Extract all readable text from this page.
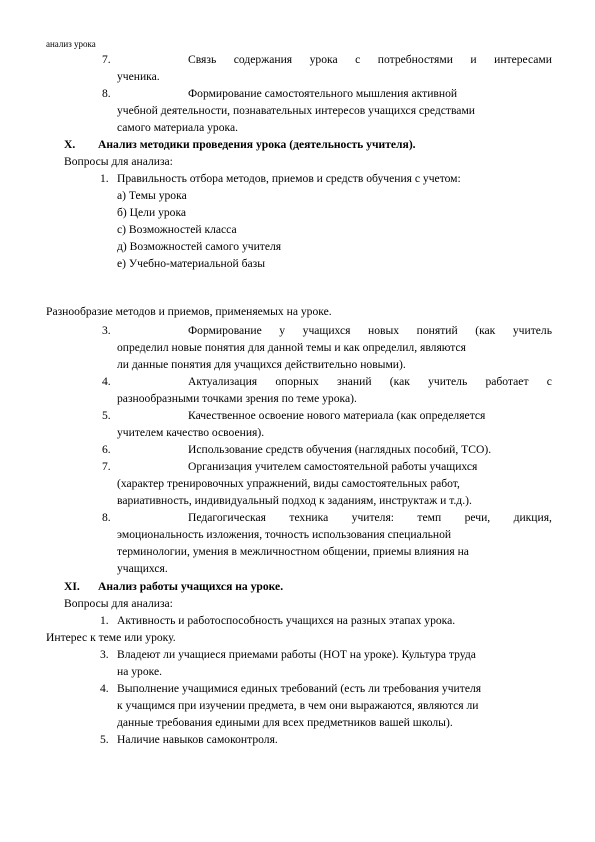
анализ урока
7.	Связь содержания урока с потребностями и интересами
ученика.
8.	Формирование самостоятельного мышления активной
учебной деятельности, познавательных интересов учащихся средствами
самого материала урока.
X. Анализ методики проведения урока (деятельность учителя).
Вопросы для анализа:
1. Правильность отбора методов, приемов и средств обучения с учетом:
а) Темы урока
б) Цели урока
с) Возможностей класса
д) Возможностей самого учителя
е) Учебно-материальной базы
Разнообразие методов и приемов, применяемых на уроке.
3.	Формирование у учащихся новых понятий (как учитель
определил новые понятия для данной темы и как определил, являются
ли данные понятия для учащихся действительно новыми).
4.	Актуализация опорных знаний (как учитель работает с
разнообразными точками зрения по теме урока).
5.	Качественное освоение нового материала (как определяется
учителем качество освоения).
6.	Использование средств обучения (наглядных пособий, ТСО).
7.	Организация учителем самостоятельной работы учащихся
(характер тренировочных упражнений, виды самостоятельных работ,
вариативность, индивидуальный подход к заданиям, инструктаж и т.д.).
8.	Педагогическая техника учителя: темп речи, дикция,
эмоциональность изложения, точность использования специальной
терминологии, умения в межличностном общении, приемы влияния на
учащихся.
XI. Анализ работы учащихся на уроке.
Вопросы для анализа:
1. Активность и работоспособность учащихся на разных этапах урока.
Интерес к теме или уроку.
3. Владеют ли учащиеся приемами работы (НОТ на уроке). Культура труда
на уроке.
4. Выполнение учащимися единых требований (есть ли требования учителя
к учащимся при изучении предмета, в чем они выражаются, являются ли
данные требования едиными для всех предметников вашей школы).
5. Наличие навыков самоконтроля.
